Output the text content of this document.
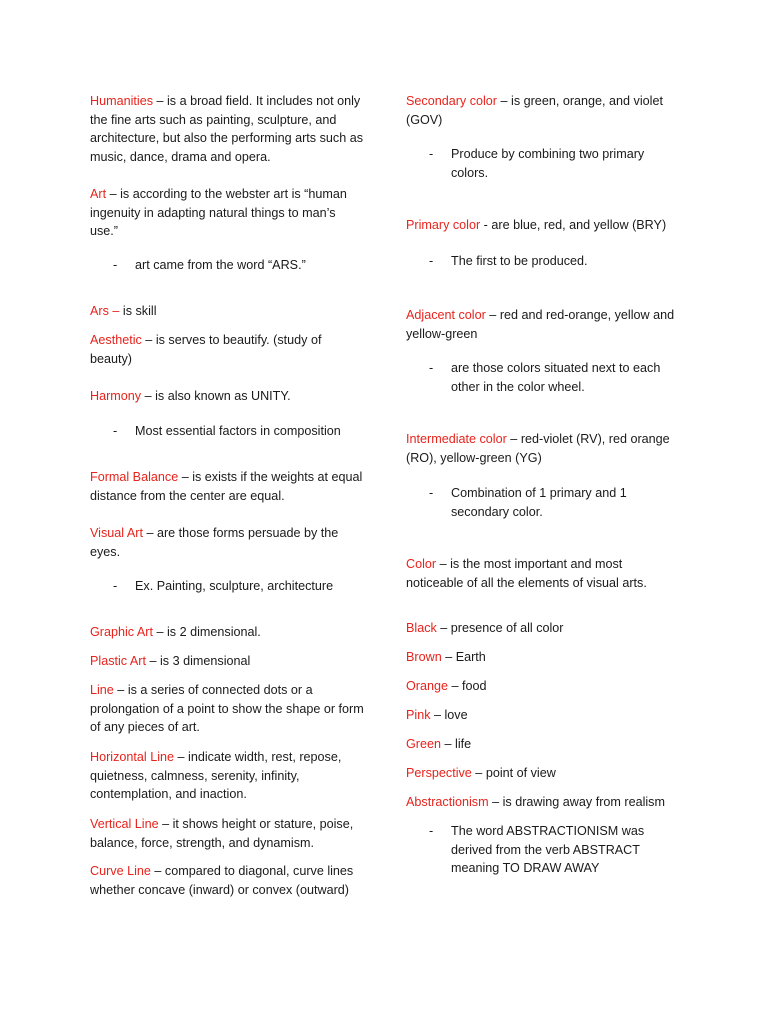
Humanities – is a broad field. It includes not only the fine arts such as painting, sculpture, and architecture, but also the performing arts such as music, dance, drama and opera.

Art – is according to the webster art is “human ingenuity in adapting natural things to man’s use.”

-	art came from the word “ARS.”

Ars – is skill

Aesthetic – is serves to beautify. (study of beauty)

Harmony – is also known as UNITY.

-	Most essential factors in composition

Formal Balance – is exists if the weights at equal distance from the center are equal.

Visual Art – are those forms persuade by the eyes.

-	Ex. Painting, sculpture, architecture

Graphic Art – is 2 dimensional.

Plastic Art – is 3 dimensional

Line – is a series of connected dots or a prolongation of a point to show the shape or form of any pieces of art.

Horizontal Line – indicate width, rest, repose, quietness, calmness, serenity, infinity, contemplation, and inaction.

Vertical Line – it shows height or stature, poise, balance, force, strength, and dynamism.

Curve Line – compared to diagonal, curve lines whether concave (inward) or convex (outward)

Secondary color – is green, orange, and violet (GOV)

-	Produce by combining two primary colors.

Primary color - are blue, red, and yellow (BRY)

-	The first to be produced.

Adjacent color – red and red-orange, yellow and yellow-green

-	are those colors situated next to each other in the color wheel.

Intermediate color – red-violet (RV), red orange (RO), yellow-green (YG)

-	Combination of 1 primary and 1 secondary color.

Color – is the most important and most noticeable of all the elements of visual arts.

Black – presence of all color

Brown – Earth

Orange – food

Pink – love

Green – life

Perspective – point of view

Abstractionism – is drawing away from realism

-	The word ABSTRACTIONISM was derived from the verb ABSTRACT meaning TO DRAW AWAY
